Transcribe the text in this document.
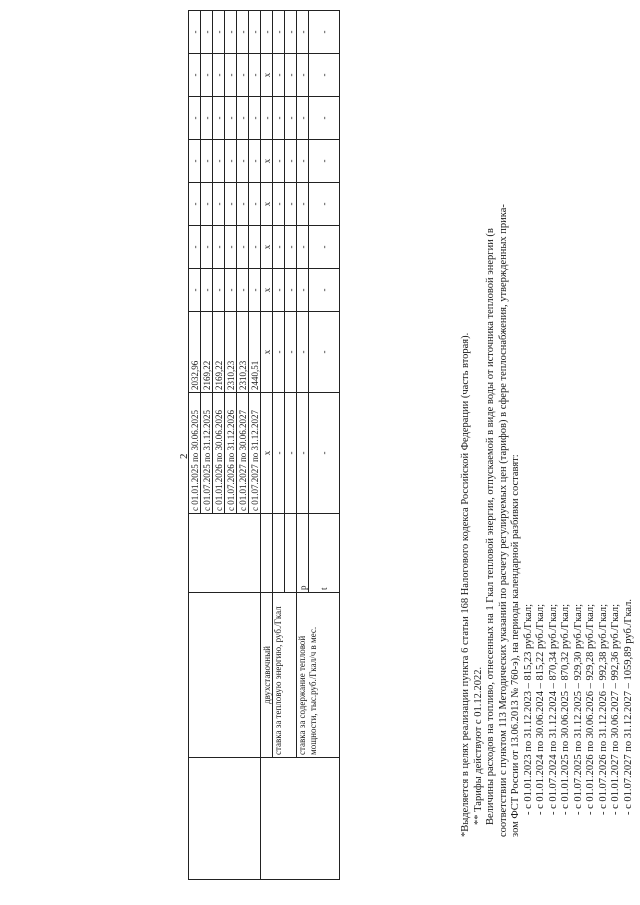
2
			с 01.01.2025 по 30.06.2025	2032,96	-	-	-	-	-	-	-
			с 01.07.2025 по 31.12.2025	2169,22	-	-	-	-	-	-	-
			с 01.01.2026 по 30.06.2026	2169,22	-	-	-	-	-	-	-
			с 01.07.2026 по 31.12.2026	2310,23	-	-	-	-	-	-	-
			с 01.01.2027 по 30.06.2027	2310,23	-	-	-	-	-	-	-
			с 01.07.2027 по 31.12.2027	2440,51	-	-	-	-	-	-	-
	двухставочный		х	х	х	х	х	х	-	х	-
	ставка за тепловую энергию, руб./Гкал		-	-	-	-	-	-	-	-	-
			-	-	-	-	-	-	-	-	-
	ставка за содержание тепловой мощности, тыс.руб./Гкал/ч в мес.	р	-	-	-	-	-	-	-	-	-
		t	-	-	-	-	-	-	-	-	-

*Выделяется в целях реализации пункта 6 статьи 168 Налогового кодекса Российской Федерации (часть вторая). ** Тарифы действуют с 01.12.2022. Величины расходов на топливо, отнесенных на 1 Гкал тепловой энергии, отпускаемой в виде воды от источника тепловой энергии (в соответствии с пунктом 113 Методических указаний по расчету регулируемых цен (тарифов) в сфере теплоснабжения, утвержденных прика- зом ФСТ России от 13.06.2013 № 760-э), на периоды календарной разбивки составят: - с 01.01.2023 по 31.12.2023 – 815,23 руб./Гкал; - с 01.01.2024 по 30.06.2024 – 815,22 руб./Гкал; - с 01.07.2024 по 31.12.2024 – 870,34 руб./Гкал; - с 01.01.2025 по 30.06.2025 – 870,32 руб./Гкал; - с 01.07.2025 по 31.12.2025 – 929,30 руб./Гкал; - с 01.01.2026 по 30.06.2026 – 929,28 руб./Гкал; - с 01.07.2026 по 31.12.2026 – 992,38 руб./Гкал; - с 01.01.2027 по 30.06.2027 – 992,36 руб./Гкал; - с 01.07.2027 по 31.12.2027 – 1059,89 руб./Гкал.
